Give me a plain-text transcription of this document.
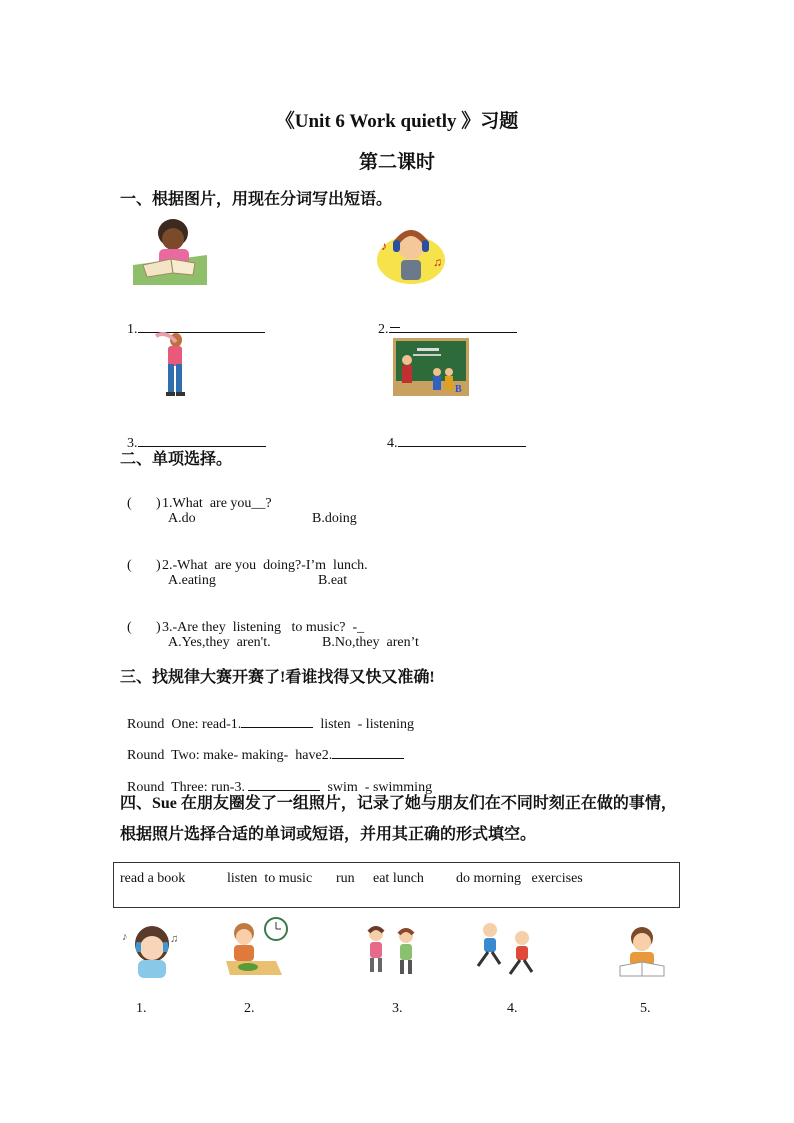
《Unit 6 Work quietly 》习题
第二课时
一、根据图片，用现在分词写出短语。
♪
♫

1.	2.

B

3.	4.

二、单项选择。

( ) 1.What  are you__?

A.do	B.doing

( ) 2.-What  are you  doing?-I’m  lunch.

A.eating	B.eat

( ) 3.-Are they  listening   to music?  -_

A.Yes,they  aren't.	B.No,they  aren’t
三、找规律大赛开赛了!看谁找得又快又准确!

Round  One: read-1.	listen  - listening

Round  Two: make- making-  have2.

Round  Three: run-3.	swim  - swimming

四、Sue 在朋友圈发了一组照片，记录了她与朋友们在不同时刻正在做的事情，
根据照片选择合适的单词或短语，并用其正确的形式填空。
read a book	listen  to music run eat lunch do morning   exercises
♪	♫
1.	2.	3.	4.	5.
